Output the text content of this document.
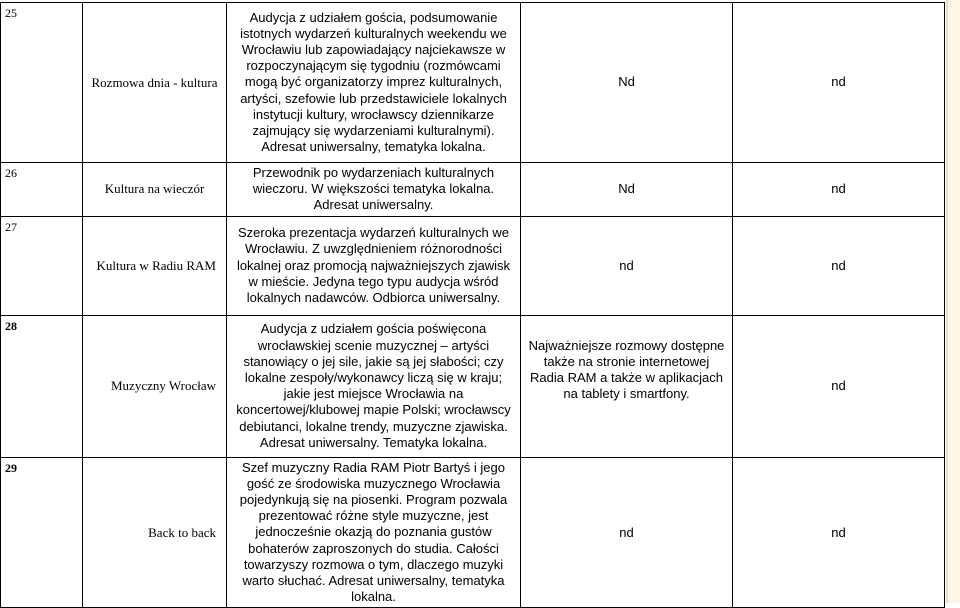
25	Rozmowa dnia - kultura	Audycja z udziałem gościa, podsumowanie istotnych wydarzeń kulturalnych weekendu we Wrocławiu lub zapowiadający najciekawsze w rozpoczynającym się tygodniu (rozmówcami mogą być organizatorzy imprez kulturalnych, artyści, szefowie lub przedstawiciele lokalnych instytucji kultury, wrocławscy dziennikarze zajmujący się wydarzeniami kulturalnymi). Adresat uniwersalny, tematyka lokalna.	Nd	nd

26	Kultura na wieczór	Przewodnik po wydarzeniach kulturalnych wieczoru. W większości tematyka lokalna. Adresat uniwersalny.	Nd	nd

27	Kultura w Radiu RAM	Szeroka prezentacja wydarzeń kulturalnych we Wrocławiu. Z uwzględnieniem różnorodności lokalnej oraz promocją najważniejszych zjawisk w mieście. Jedyna tego typu audycja wśród lokalnych nadawców. Odbiorca uniwersalny.	nd	nd

28	Muzyczny Wrocław	Audycja z udziałem gościa poświęcona wrocławskiej scenie muzycznej – artyści stanowiący o jej sile, jakie są jej słabości; czy lokalne zespoły/wykonawcy liczą się w kraju; jakie jest miejsce Wrocławia na koncertowej/klubowej mapie Polski; wrocławscy debiutanci, lokalne trendy, muzyczne zjawiska. Adresat uniwersalny. Tematyka lokalna.	Najważniejsze rozmowy dostępne także na stronie internetowej Radia RAM a także w aplikacjach na tablety i smartfony.	nd

29	Back to back	Szef muzyczny Radia RAM Piotr Bartyś i jego gość ze środowiska muzycznego Wrocławia pojedynkują się na piosenki. Program pozwala prezentować różne style muzyczne, jest jednocześnie okazją do poznania gustów bohaterów zaproszonych do studia. Całości towarzyszy rozmowa o tym, dlaczego muzyki warto słuchać. Adresat uniwersalny, tematyka lokalna.	nd	nd
